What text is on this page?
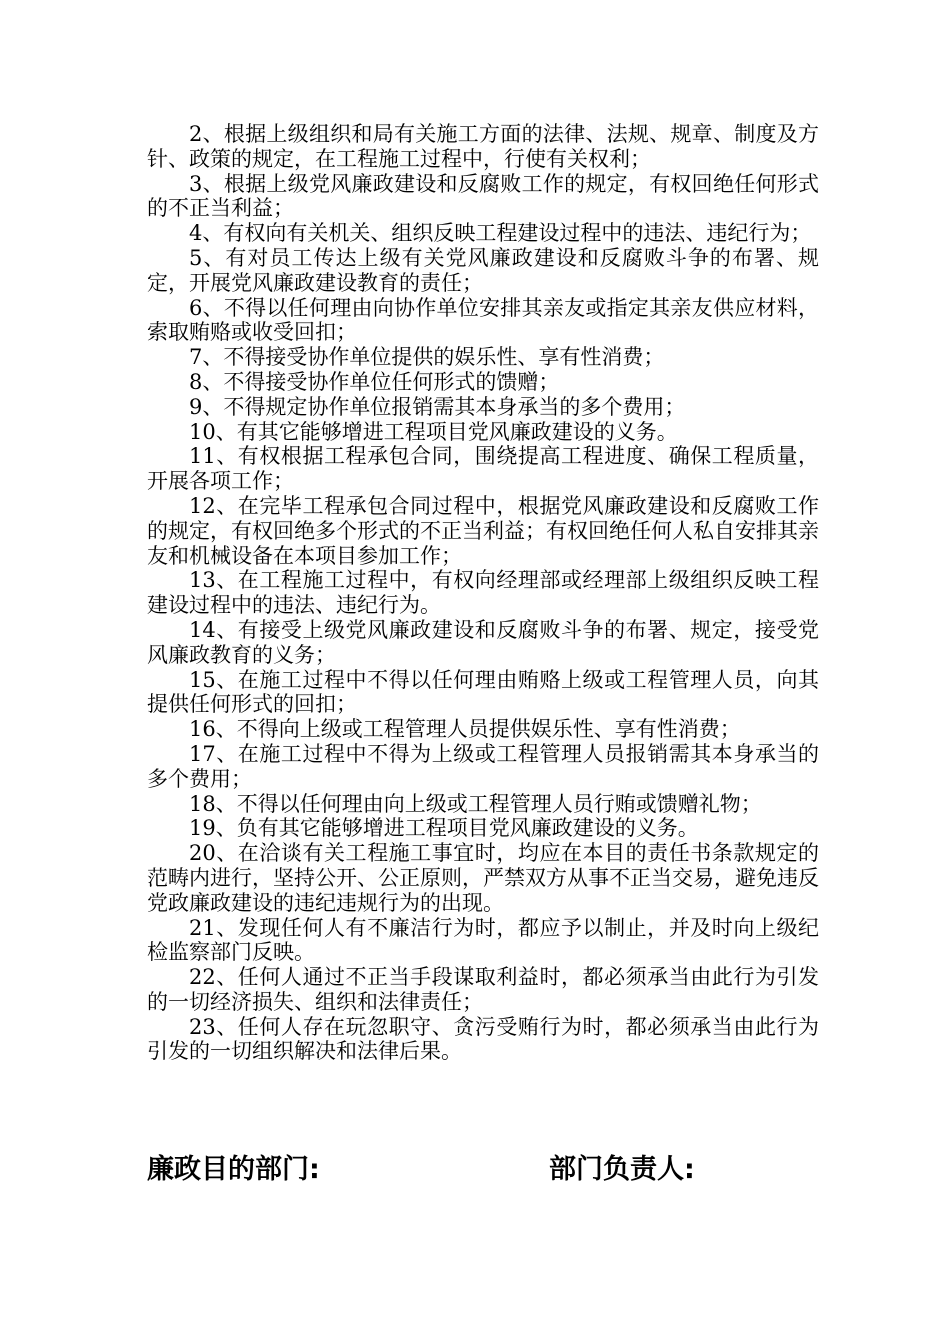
2、根据上级组织和局有关施工方面的法律、法规、规章、制度及方针、政策的规定，在工程施工过程中，行使有关权利；

3、根据上级党风廉政建设和反腐败工作的规定，有权回绝任何形式的不正当利益；

4、有权向有关机关、组织反映工程建设过程中的违法、违纪行为；

5、有对员工传达上级有关党风廉政建设和反腐败斗争的布署、规定，开展党风廉政建设教育的责任；

6、不得以任何理由向协作单位安排其亲友或指定其亲友供应材料，索取贿赂或收受回扣；

7、不得接受协作单位提供的娱乐性、享有性消费；

8、不得接受协作单位任何形式的馈赠；

9、不得规定协作单位报销需其本身承当的多个费用；

10、有其它能够增进工程项目党风廉政建设的义务。

11、有权根据工程承包合同，围绕提高工程进度、确保工程质量，开展各项工作；

12、在完毕工程承包合同过程中，根据党风廉政建设和反腐败工作的规定，有权回绝多个形式的不正当利益；有权回绝任何人私自安排其亲友和机械设备在本项目参加工作；

13、在工程施工过程中，有权向经理部或经理部上级组织反映工程建设过程中的违法、违纪行为。

14、有接受上级党风廉政建设和反腐败斗争的布署、规定，接受党风廉政教育的义务；

15、在施工过程中不得以任何理由贿赂上级或工程管理人员，向其提供任何形式的回扣；

16、不得向上级或工程管理人员提供娱乐性、享有性消费；

17、在施工过程中不得为上级或工程管理人员报销需其本身承当的多个费用；

18、不得以任何理由向上级或工程管理人员行贿或馈赠礼物；

19、负有其它能够增进工程项目党风廉政建设的义务。

20、在洽谈有关工程施工事宜时，均应在本目的责任书条款规定的范畴内进行，坚持公开、公正原则，严禁双方从事不正当交易，避免违反党政廉政建设的违纪违规行为的出现。

21、发现任何人有不廉洁行为时，都应予以制止，并及时向上级纪检监察部门反映。

22、任何人通过不正当手段谋取利益时，都必须承当由此行为引发的一切经济损失、组织和法律责任；

23、任何人存在玩忽职守、贪污受贿行为时，都必须承当由此行为引发的一切组织解决和法律后果。

廉政目的部门:	部门负责人:
